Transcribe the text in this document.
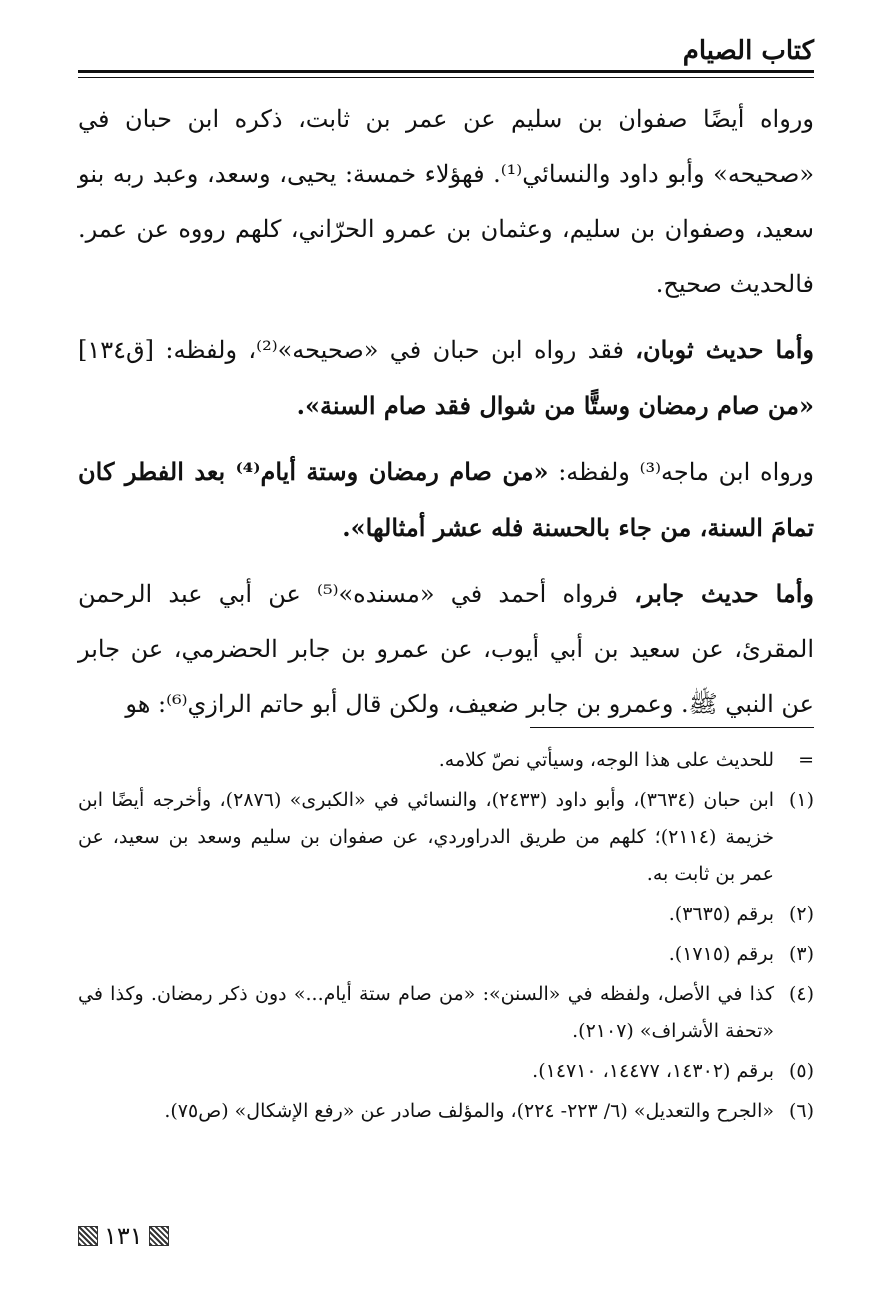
كتاب الصيام

ورواه أيضًا صفوان بن سليم عن عمر بن ثابت، ذكره ابن حبان في «صحيحه» وأبو داود والنسائي⁽¹⁾. فهؤلاء خمسة: يحيى، وسعد، وعبد ربه بنو سعيد، وصفوان بن سليم، وعثمان بن عمرو الحرّاني، كلهم رووه عن عمر. فالحديث صحيح.

وأما حديث ثوبان، فقد رواه ابن حبان في «صحيحه»⁽²⁾، ولفظه: [ق١٣٤] «من صام رمضان وستًّا من شوال فقد صام السنة».

ورواه ابن ماجه⁽³⁾ ولفظه: «من صام رمضان وستة أيام⁽⁴⁾ بعد الفطر كان تمامَ السنة، من جاء بالحسنة فله عشر أمثالها».

وأما حديث جابر، فرواه أحمد في «مسنده»⁽⁵⁾ عن أبي عبد الرحمن المقرئ، عن سعيد بن أبي أيوب، عن عمرو بن جابر الحضرمي، عن جابر عن النبي ﷺ. وعمرو بن جابر ضعيف، ولكن قال أبو حاتم الرازي⁽⁶⁾: هو

=
للحديث على هذا الوجه، وسيأتي نصّ كلامه.
(١)
ابن حبان (٣٦٣٤)، وأبو داود (٢٤٣٣)، والنسائي في «الكبرى» (٢٨٧٦)، وأخرجه أيضًا ابن خزيمة (٢١١٤)؛ كلهم من طريق الدراوردي، عن صفوان بن سليم وسعد بن سعيد، عن عمر بن ثابت به.
(٢)
برقم (٣٦٣٥).
(٣)
برقم (١٧١٥).
(٤)
كذا في الأصل، ولفظه في «السنن»: «من صام ستة أيام...» دون ذكر رمضان. وكذا في «تحفة الأشراف» (٢١٠٧).
(٥)
برقم (١٤٣٠٢، ١٤٤٧٧، ١٤٧١٠).
(٦)
«الجرح والتعديل» (٦/ ٢٢٣- ٢٢٤)، والمؤلف صادر عن «رفع الإشكال» (ص٧٥).
١٣١
